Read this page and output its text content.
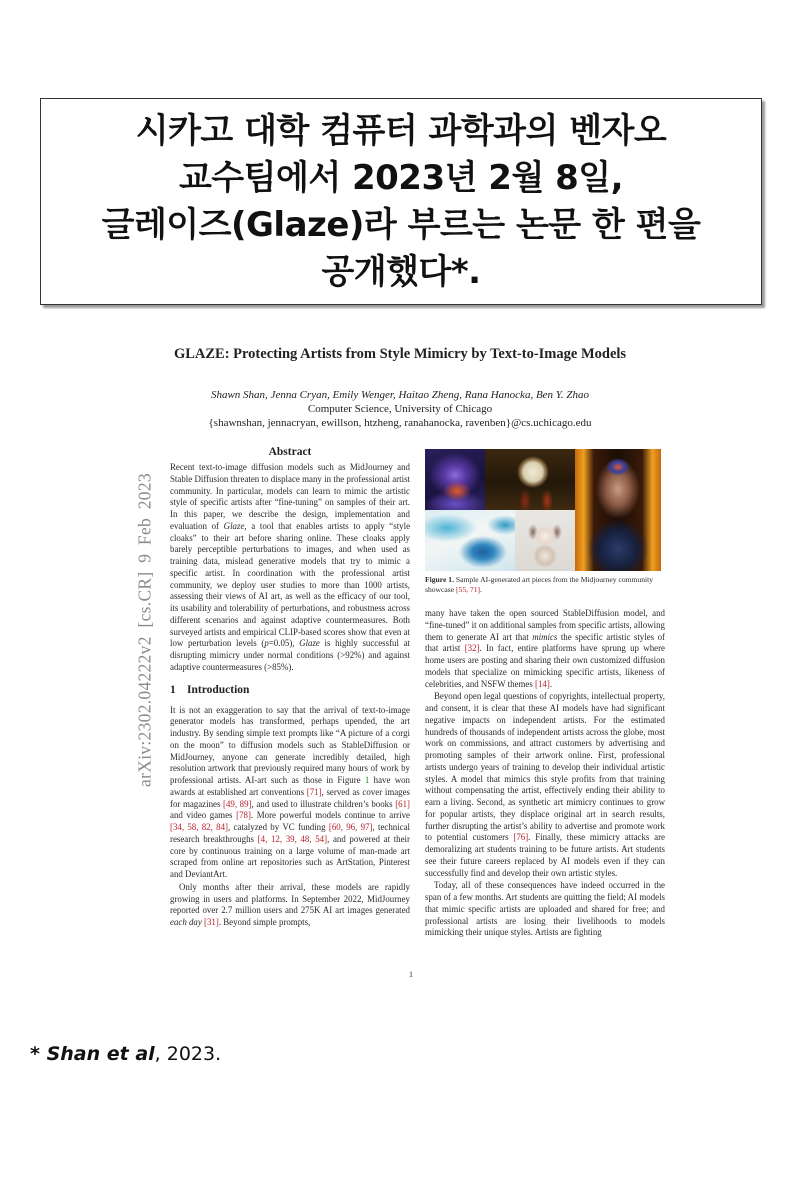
시카고 대학 컴퓨터 과학과의 벤자오
교수팀에서 2023년 2월 8일,
글레이즈(Glaze)라 부르는 논문 한 편을
공개했다*.
GLAZE: Protecting Artists from Style Mimicry by Text-to-Image Models
Shawn Shan, Jenna Cryan, Emily Wenger, Haitao Zheng, Rana Hanocka, Ben Y. Zhao
Computer Science, University of Chicago
{shawnshan, jennacryan, ewillson, htzheng, ranahanocka, ravenben}@cs.uchicago.edu
arXiv:2302.04222v2 [cs.CR] 9 Feb 2023
Abstract

Recent text-to-image diffusion models such as MidJourney and Stable Diffusion threaten to displace many in the professional artist community. In particular, models can learn to mimic the artistic style of specific artists after “fine-tuning” on samples of their art. In this paper, we describe the design, implementation and evaluation of Glaze, a tool that enables artists to apply “style cloaks” to their art before sharing online. These cloaks apply barely perceptible perturbations to images, and when used as training data, mislead generative models that try to mimic a specific artist. In coordination with the professional artist community, we deploy user studies to more than 1000 artists, assessing their views of AI art, as well as the efficacy of our tool, its usability and tolerability of perturbations, and robustness across different scenarios and against adaptive countermeasures. Both surveyed artists and empirical CLIP-based scores show that even at low perturbation levels (p=0.05), Glaze is highly successful at disrupting mimicry under normal conditions (>92%) and against adaptive countermeasures (>85%).

1 Introduction

It is not an exaggeration to say that the arrival of text-to-image generator models has transformed, perhaps upended, the art industry. By sending simple text prompts like “A picture of a corgi on the moon” to diffusion models such as StableDiffusion or MidJourney, anyone can generate incredibly detailed, high resolution artwork that previously required many hours of work by professional artists. AI-art such as those in Figure 1 have won awards at established art conventions [71], served as cover images for magazines [49, 89], and used to illustrate children’s books [61] and video games [78]. More powerful models continue to arrive [34, 58, 82, 84], catalyzed by VC funding [60, 96, 97], technical research breakthroughs [4, 12, 39, 48, 54], and powered at their core by continuous training on a large volume of man-made art scraped from online art repositories such as ArtStation, Pinterest and DeviantArt.

Only months after their arrival, these models are rapidly growing in users and platforms. In September 2022, MidJourney reported over 2.7 million users and 275K AI art images generated each day [31]. Beyond simple prompts,

Figure 1. Sample AI-generated art pieces from the Midjourney community showcase [55, 71].

many have taken the open sourced StableDiffusion model, and “fine-tuned” it on additional samples from specific artists, allowing them to generate AI art that mimics the specific artistic styles of that artist [32]. In fact, entire platforms have sprung up where home users are posting and sharing their own customized diffusion models that specialize on mimicking specific artists, likeness of celebrities, and NSFW themes [14].

Beyond open legal questions of copyrights, intellectual property, and consent, it is clear that these AI models have had significant negative impacts on independent artists. For the estimated hundreds of thousands of independent artists across the globe, most work on commissions, and attract customers by advertising and promoting samples of their artwork online. First, professional artists undergo years of training to develop their individual artistic styles. A model that mimics this style profits from that training without compensating the artist, effectively ending their ability to earn a living. Second, as synthetic art mimicry continues to grow for popular artists, they displace original art in search results, further disrupting the artist’s ability to advertise and promote work to potential customers [76]. Finally, these mimicry attacks are demoralizing art students training to be future artists. Art students see their future careers replaced by AI models even if they can successfully find and develop their own artistic styles.

Today, all of these consequences have indeed occurred in the span of a few months. Art students are quitting the field; AI models that mimic specific artists are uploaded and shared for free; and professional artists are losing their livelihoods to models mimicking their unique styles. Artists are fighting

1
* Shan et al, 2023.
